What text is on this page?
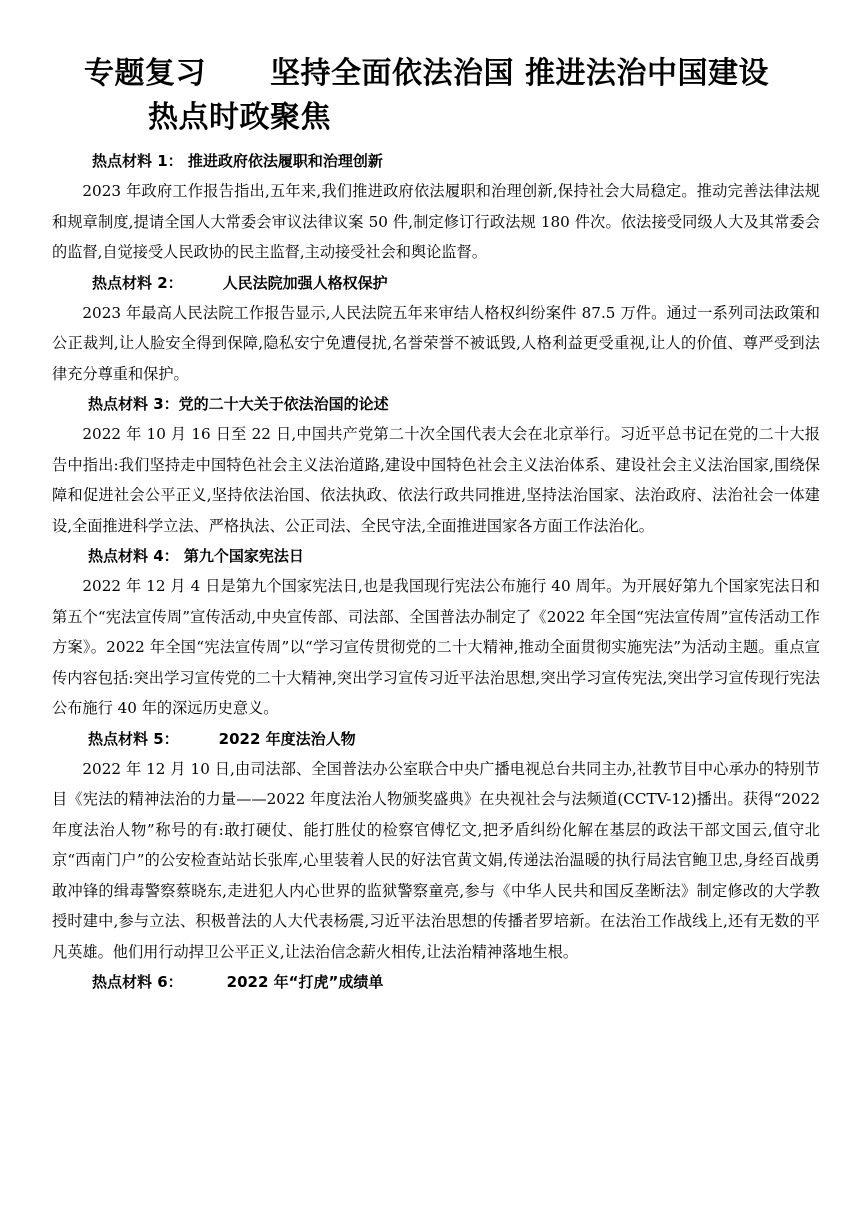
专题复习 坚持全面依法治国 推进法治中国建设
热点时政聚焦
热点材料 1： 推进政府依法履职和治理创新

2023 年政府工作报告指出,五年来,我们推进政府依法履职和治理创新,保持社会大局稳定。推动完善法律法规和规章制度,提请全国人大常委会审议法律议案 50 件,制定修订行政法规 180 件次。依法接受同级人大及其常委会的监督,自觉接受人民政协的民主监督,主动接受社会和舆论监督。

热点材料 2：	人民法院加强人格权保护

2023 年最高人民法院工作报告显示,人民法院五年来审结人格权纠纷案件 87.5 万件。通过一系列司法政策和公正裁判,让人脸安全得到保障,隐私安宁免遭侵扰,名誉荣誉不被诋毁,人格利益更受重视,让人的价值、尊严受到法律充分尊重和保护。

热点材料 3：党的二十大关于依法治国的论述

2022 年 10 月 16 日至 22 日,中国共产党第二十次全国代表大会在北京举行。习近平总书记在党的二十大报告中指出:我们坚持走中国特色社会主义法治道路,建设中国特色社会主义法治体系、建设社会主义法治国家,围绕保障和促进社会公平正义,坚持依法治国、依法执政、依法行政共同推进,坚持法治国家、法治政府、法治社会一体建设,全面推进科学立法、严格执法、公正司法、全民守法,全面推进国家各方面工作法治化。

热点材料 4： 第九个国家宪法日

2022 年 12 月 4 日是第九个国家宪法日,也是我国现行宪法公布施行 40 周年。为开展好第九个国家宪法日和第五个“宪法宣传周”宣传活动,中央宣传部、司法部、全国普法办制定了《2022 年全国“宪法宣传周”宣传活动工作方案》。2022 年全国“宪法宣传周”以“学习宣传贯彻党的二十大精神,推动全面贯彻实施宪法”为活动主题。重点宣传内容包括:突出学习宣传党的二十大精神,突出学习宣传习近平法治思想,突出学习宣传宪法,突出学习宣传现行宪法公布施行 40 年的深远历史意义。

热点材料 5：	2022 年度法治人物

2022 年 12 月 10 日,由司法部、全国普法办公室联合中央广播电视总台共同主办,社教节目中心承办的特别节目《宪法的精神法治的力量——2022 年度法治人物颁奖盛典》在央视社会与法频道(CCTV-12)播出。获得“2022 年度法治人物”称号的有:敢打硬仗、能打胜仗的检察官傅忆文,把矛盾纠纷化解在基层的政法干部文国云,值守北京“西南门户”的公安检查站站长张库,心里装着人民的好法官黄文娟,传递法治温暖的执行局法官鲍卫忠,身经百战勇敢冲锋的缉毒警察蔡晓东,走进犯人内心世界的监狱警察童亮,参与《中华人民共和国反垄断法》制定修改的大学教授时建中,参与立法、积极普法的人大代表杨震,习近平法治思想的传播者罗培新。在法治工作战线上,还有无数的平凡英雄。他们用行动捍卫公平正义,让法治信念薪火相传,让法治精神落地生根。

热点材料 6：	2022 年“打虎”成绩单
